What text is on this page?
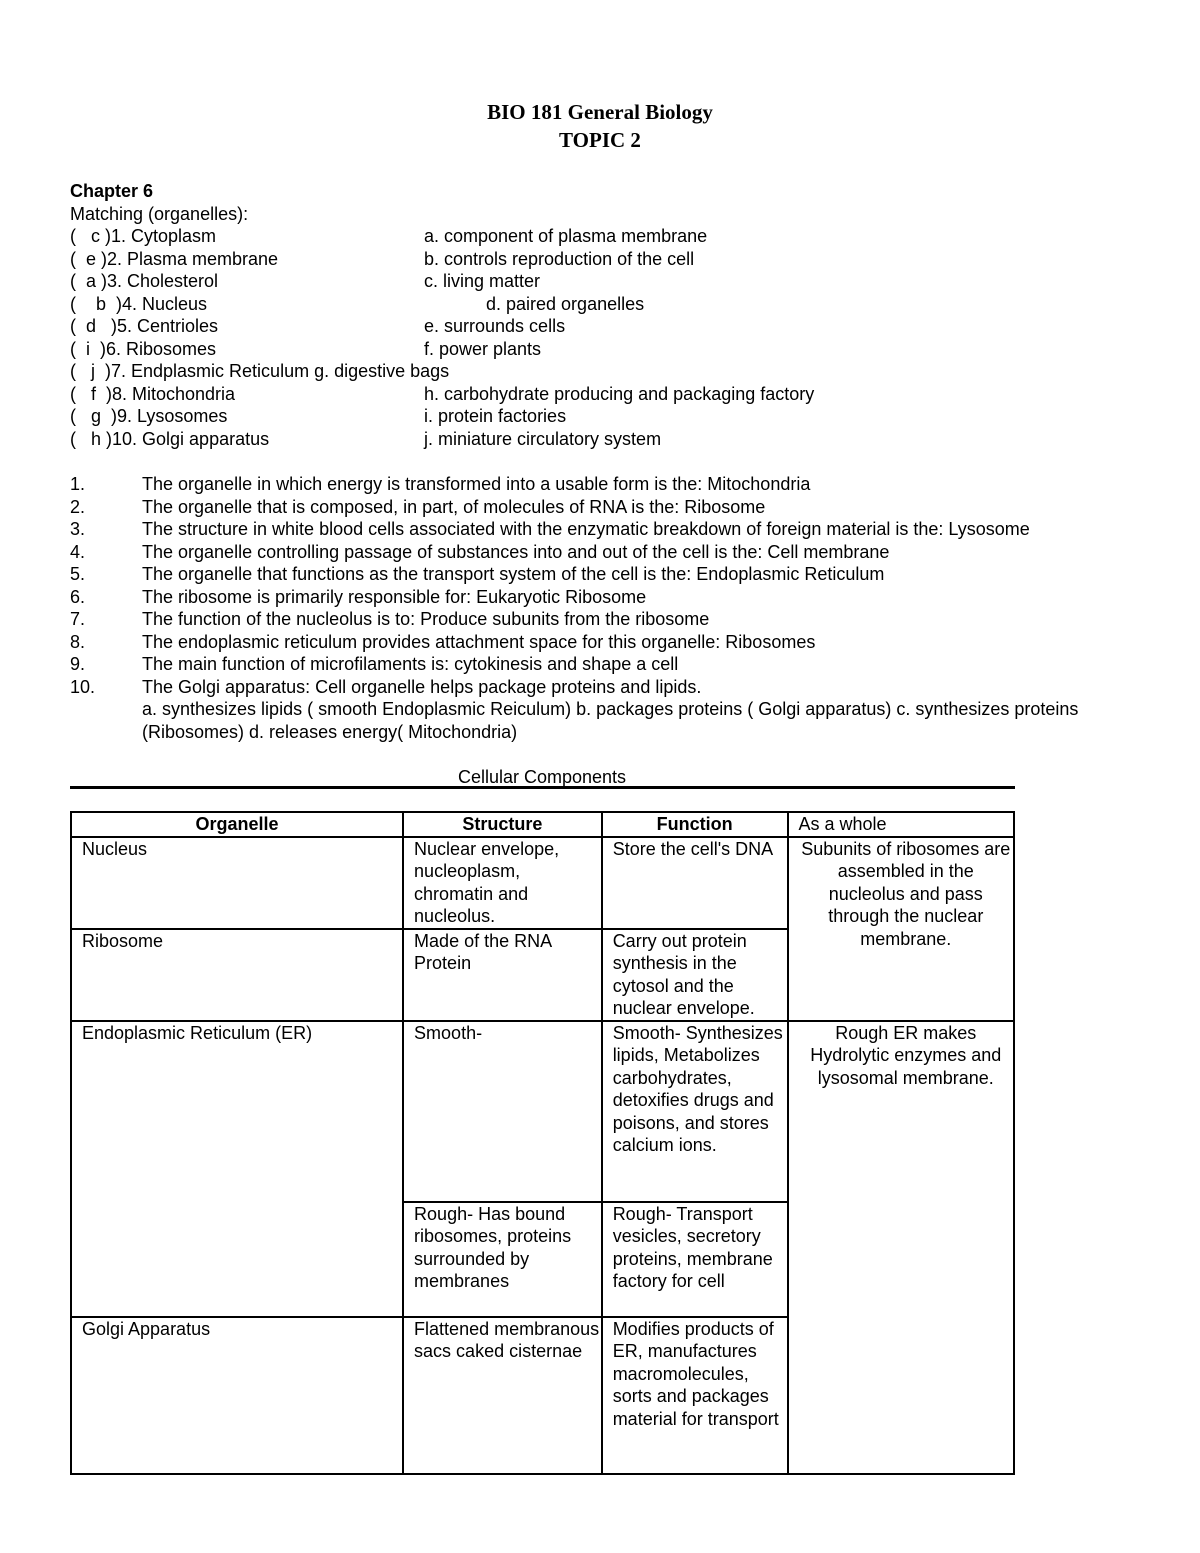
BIO 181 General Biology
TOPIC 2
Chapter 6
Matching (organelles):
(   c )1. Cytoplasm	a. component of plasma membrane
(  e )2. Plasma membrane	b. controls reproduction of the cell
(  a )3. Cholesterol	c. living matter
(    b  )4. Nucleus	d. paired organelles
(  d   )5. Centrioles	e. surrounds cells
(  i  )6. Ribosomes	f. power plants
(   j  )7. Endplasmic Reticulum g. digestive bags
(   f  )8. Mitochondria	h. carbohydrate producing and packaging factory
(   g  )9. Lysosomes	i. protein factories
(   h )10. Golgi apparatus	j. miniature circulatory system
1.	The organelle in which energy is transformed into a usable form is the: Mitochondria
2.	The organelle that is composed, in part, of molecules of RNA is the: Ribosome
3.	The structure in white blood cells associated with the enzymatic breakdown of foreign material is the: Lysosome
4.	The organelle controlling passage of substances into and out of the cell is the: Cell membrane
5.	The organelle that functions as the transport system of the cell is the: Endoplasmic Reticulum
6.	The ribosome is primarily responsible for: Eukaryotic Ribosome
7.	The function of the nucleolus is to: Produce subunits from the ribosome
8.	The endoplasmic reticulum provides attachment space for this organelle: Ribosomes
9.	The main function of microfilaments is: cytokinesis and shape a cell
10.	The Golgi apparatus: Cell organelle helps package proteins and lipids.
a. synthesizes lipids ( smooth Endoplasmic Reiculum) b. packages proteins ( Golgi apparatus) c. synthesizes proteins (Ribosomes) d. releases energy( Mitochondria)
Cellular Components
Organelle	Structure	Function	As a whole
Nucleus	Nuclear envelope, nucleoplasm, chromatin and nucleolus.	Store the cell's DNA	Subunits of ribosomes are assembled in the nucleolus and pass through the nuclear membrane.
Ribosome	Made of the RNA Protein	Carry out protein synthesis in the cytosol and the nuclear envelope.	
Endoplasmic Reticulum (ER)	Smooth-	Smooth- Synthesizes lipids, Metabolizes carbohydrates, detoxifies drugs and poisons, and stores calcium ions.	Rough ER makes Hydrolytic enzymes and lysosomal membrane.
	Rough- Has bound ribosomes, proteins surrounded by membranes	Rough- Transport vesicles, secretory proteins, membrane factory for cell	
Golgi Apparatus	Flattened membranous sacs caked cisternae	Modifies products of ER, manufactures macromolecules, sorts and packages material for transport	
